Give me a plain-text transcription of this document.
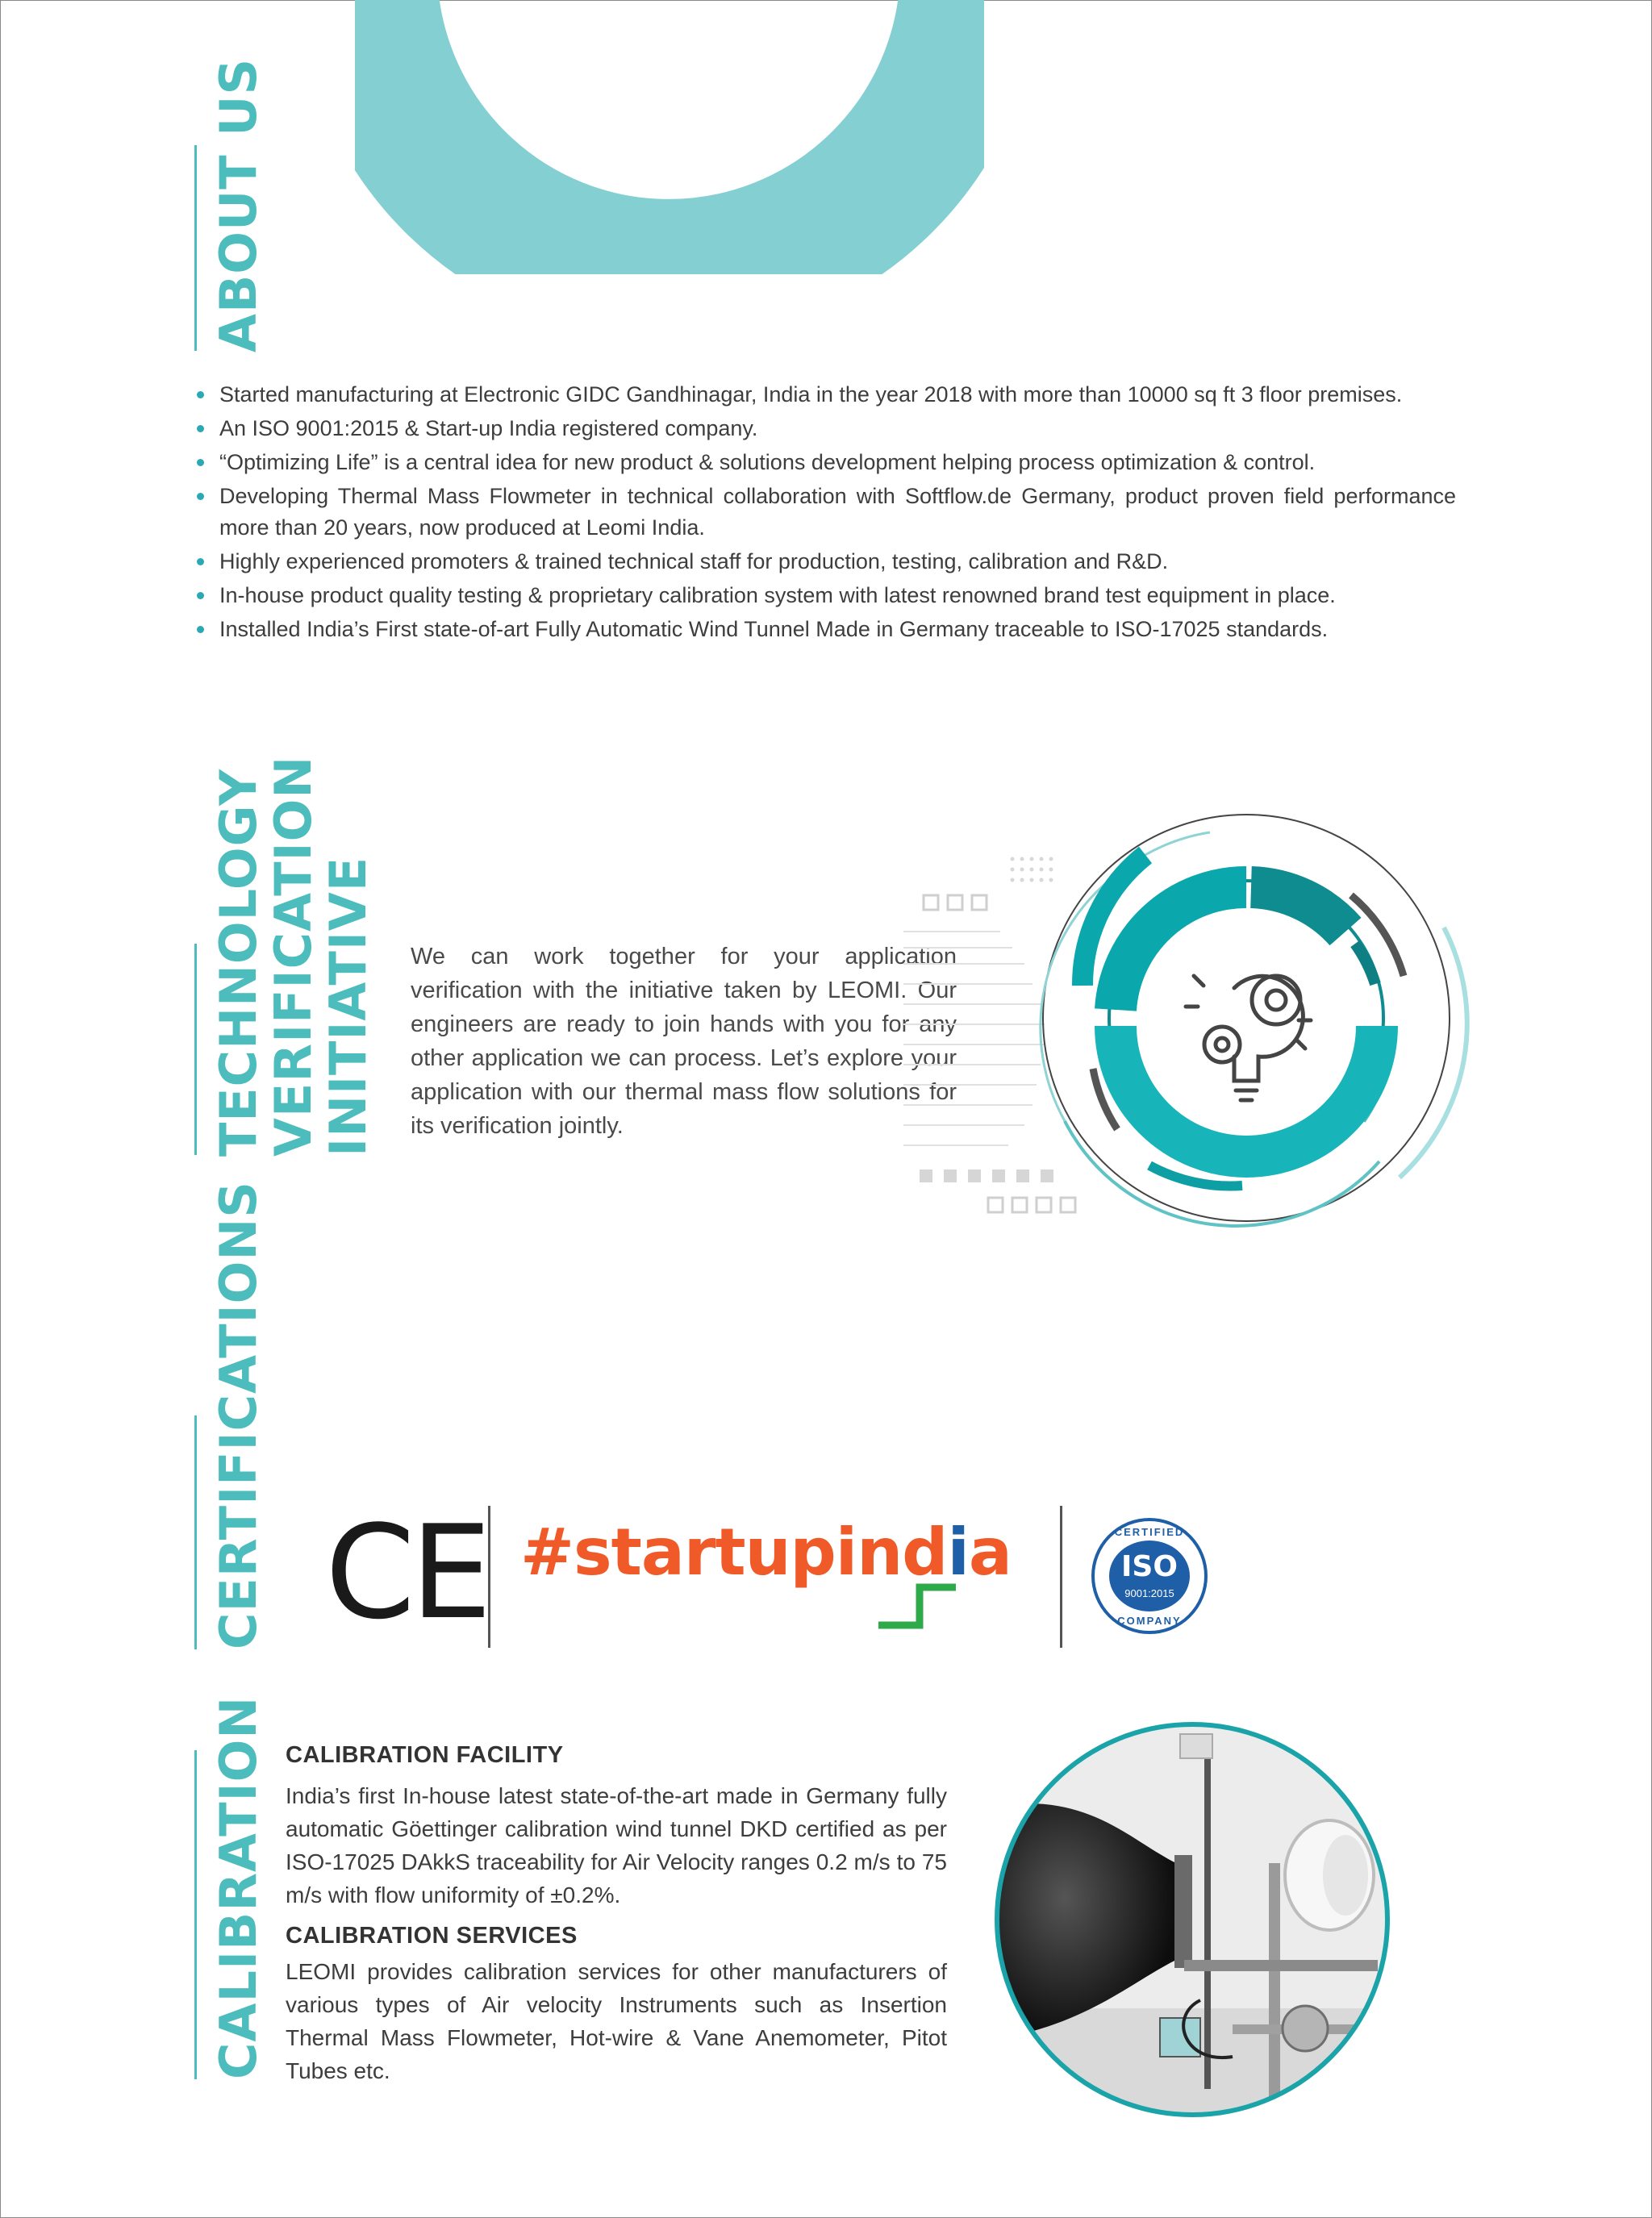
ABOUT US
Started manufacturing at Electronic GIDC Gandhinagar, India in the year 2018 with more than 10000 sq ft 3 floor premises.
An ISO 9001:2015 & Start-up India registered company.
“Optimizing Life” is a central idea for new product & solutions development helping process optimization & control.
Developing Thermal Mass Flowmeter in technical collaboration with Softflow.de Germany, product proven field performance more than 20 years, now produced at Leomi India.
Highly experienced promoters & trained technical staff for production, testing, calibration and R&D.
In-house product quality testing & proprietary calibration system with latest renowned brand test equipment in place.
Installed India’s First state-of-art Fully Automatic Wind Tunnel Made in Germany traceable to ISO-17025 standards.
TECHNOLOGY
VERIFICATION
INITIATIVE We can work together for your application verification with the initiative taken by LEOMI. Our engineers are ready to join hands with you for any other application we can process. Let’s explore your application with our thermal mass flow solutions for its verification jointly.
CERTIFICATIONS CE #startupindia	CERTIFIED
ISO
9001:2015
COMPANY
CALIBRATION CALIBRATION FACILITY
India’s first In-house latest state-of-the-art made in Germany fully automatic Göettinger calibration wind tunnel DKD certified as per ISO-17025 DAkkS traceability for Air Velocity ranges 0.2 m/s to 75 m/s with flow uniformity of ±0.2%.
CALIBRATION SERVICES
LEOMI provides calibration services for other manufacturers of various types of Air velocity Instruments such as Insertion Thermal Mass Flowmeter, Hot-wire & Vane Anemometer, Pitot Tubes etc.
